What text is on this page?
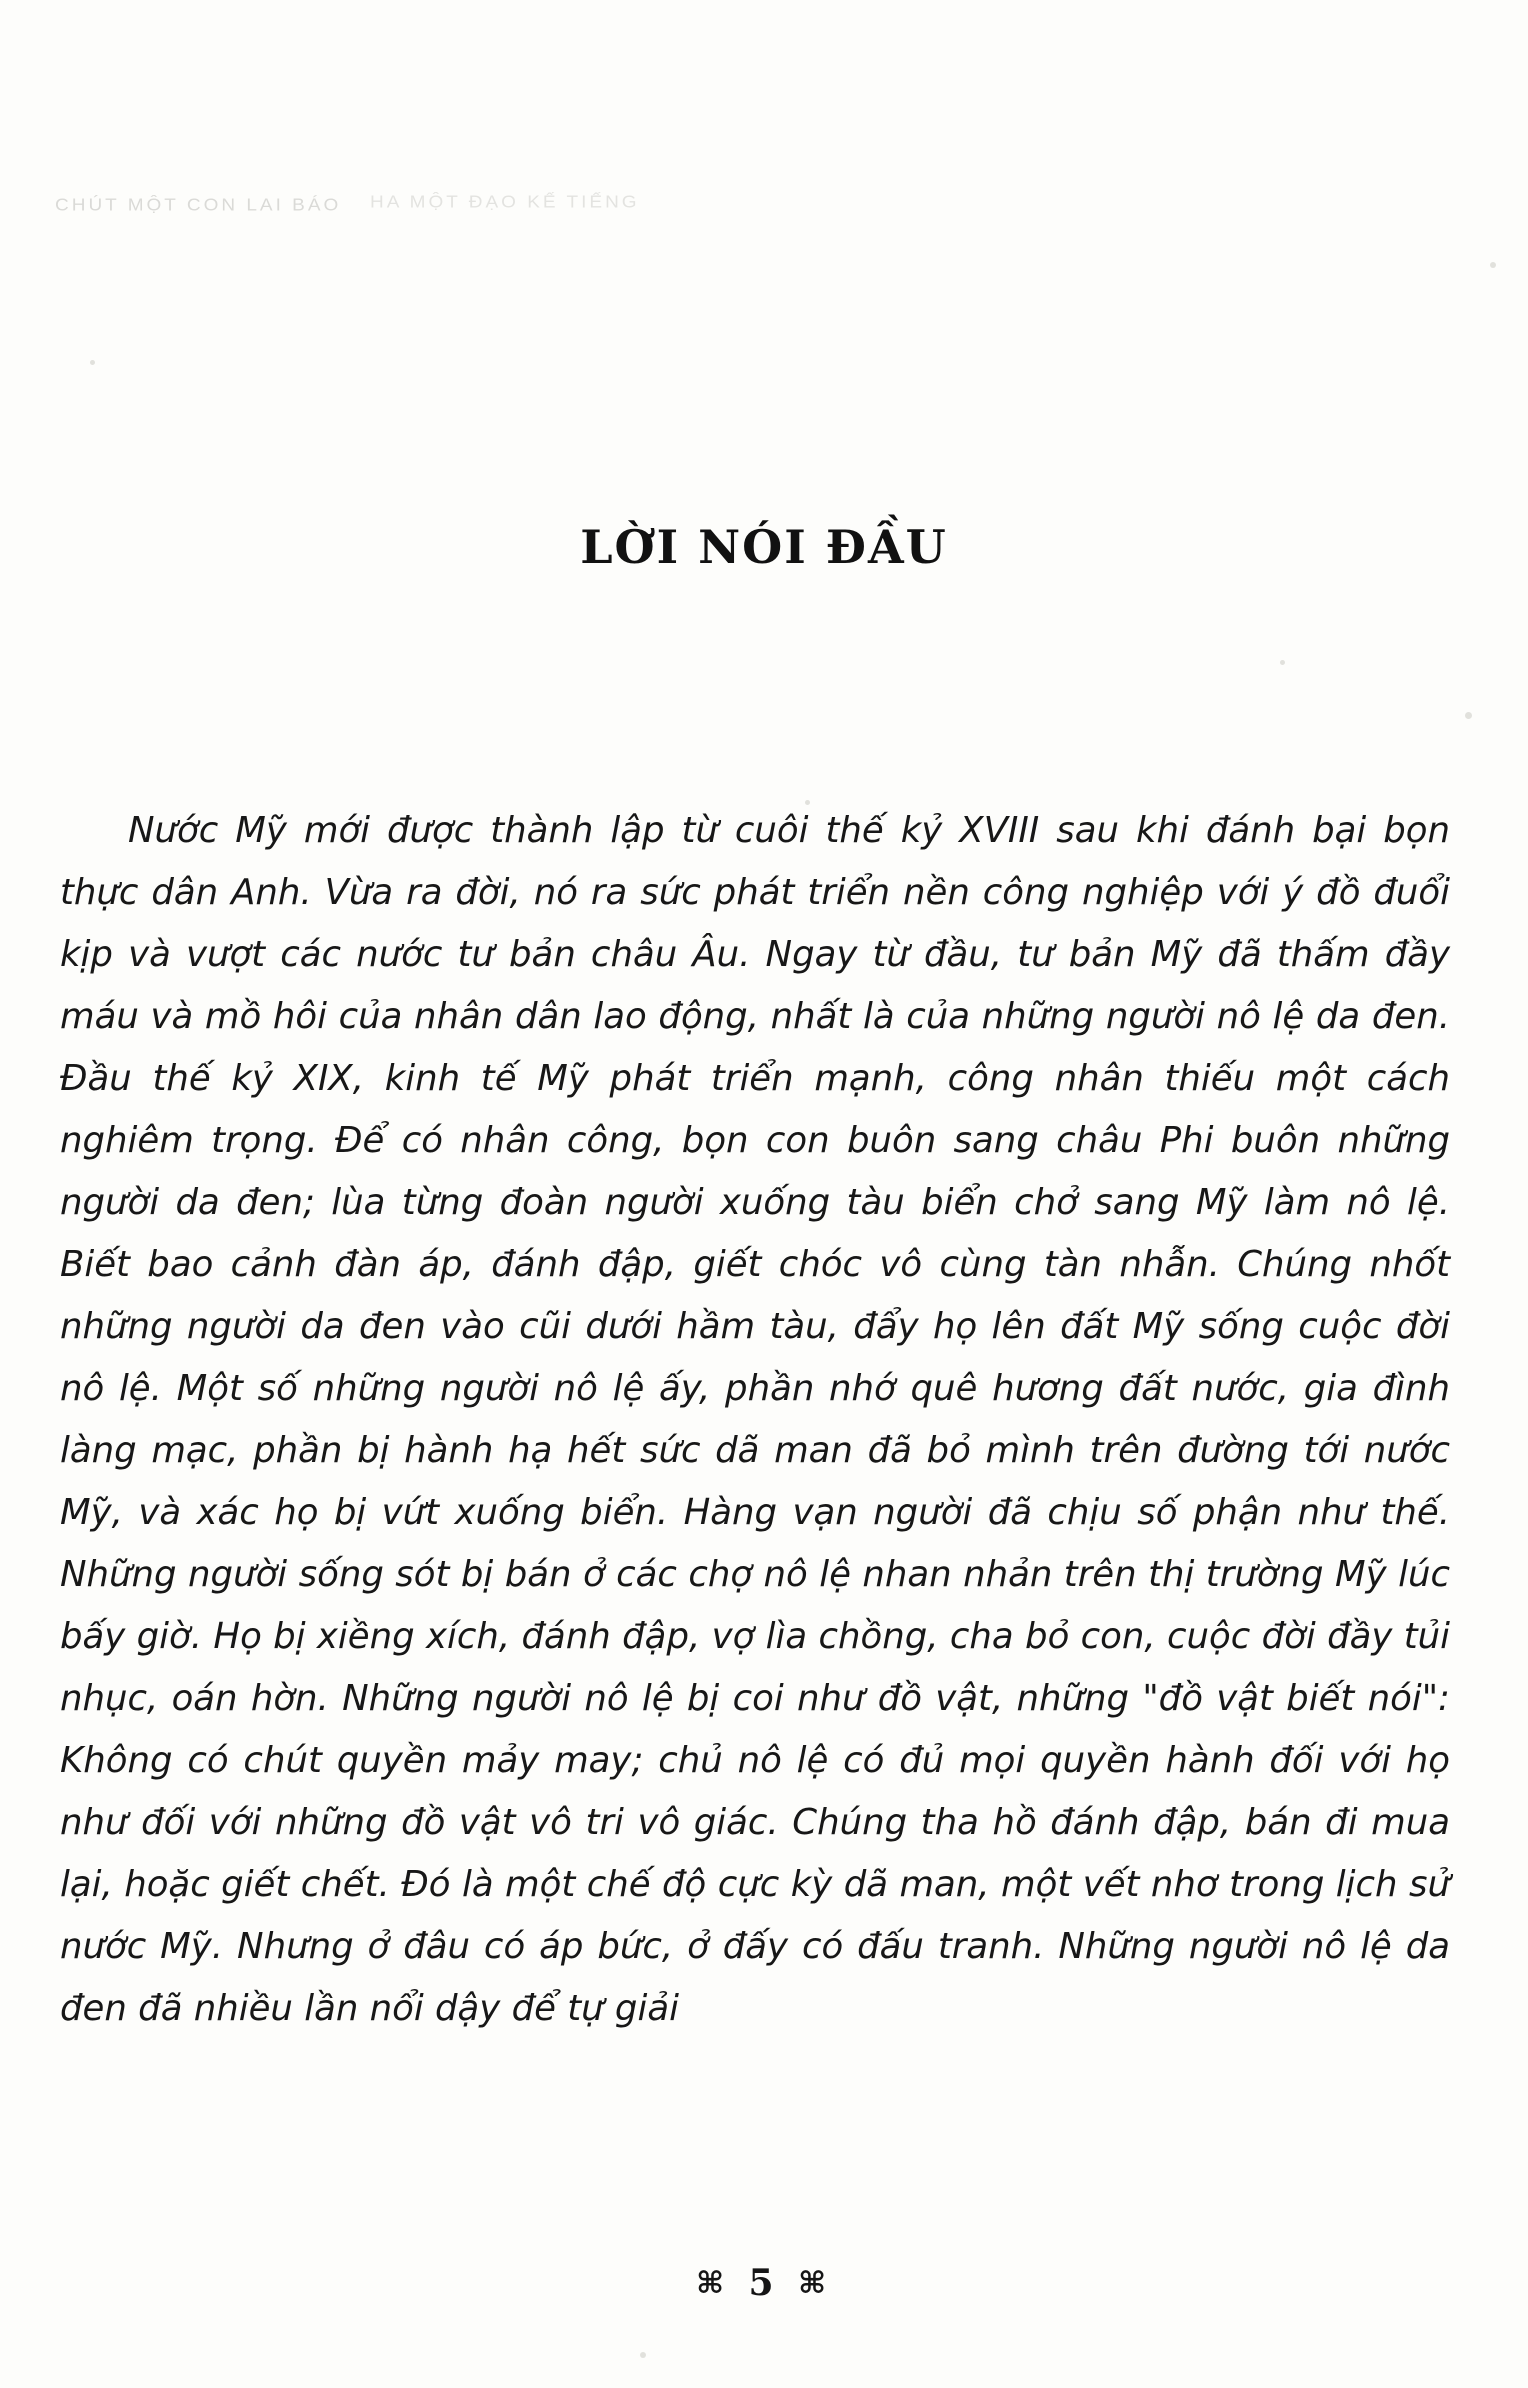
CHÚT MỘT CON LAI BÁO HA MỘT ĐẠO KẾ TIẾNG
LỜI NÓI ĐẦU

Nước Mỹ mới được thành lập từ cuôi thế kỷ XVIII sau khi đánh bại bọn thực dân Anh. Vừa ra đời, nó ra sức phát triển nền công nghiệp với ý đồ đuổi kịp và vượt các nước tư bản châu Âu. Ngay từ đầu, tư bản Mỹ đã thấm đầy máu và mồ hôi của nhân dân lao động, nhất là của những người nô lệ da đen. Đầu thế kỷ XIX, kinh tế Mỹ phát triển mạnh, công nhân thiếu một cách nghiêm trọng. Để có nhân công, bọn con buôn sang châu Phi buôn những người da đen; lùa từng đoàn người xuống tàu biển chở sang Mỹ làm nô lệ. Biết bao cảnh đàn áp, đánh đập, giết chóc vô cùng tàn nhẫn. Chúng nhốt những người da đen vào cũi dưới hầm tàu, đẩy họ lên đất Mỹ sống cuộc đời nô lệ. Một số những người nô lệ ấy, phần nhớ quê hương đất nước, gia đình làng mạc, phần bị hành hạ hết sức dã man đã bỏ mình trên đường tới nước Mỹ, và xác họ bị vứt xuống biển. Hàng vạn người đã chịu số phận như thế. Những người sống sót bị bán ở các chợ nô lệ nhan nhản trên thị trường Mỹ lúc bấy giờ. Họ bị xiềng xích, đánh đập, vợ lìa chồng, cha bỏ con, cuộc đời đầy tủi nhục, oán hờn. Những người nô lệ bị coi như đồ vật, những "đồ vật biết nói": Không có chút quyền mảy may; chủ nô lệ có đủ mọi quyền hành đối với họ như đối với những đồ vật vô tri vô giác. Chúng tha hồ đánh đập, bán đi mua lại, hoặc giết chết. Đó là một chế độ cực kỳ dã man, một vết nhơ trong lịch sử nước Mỹ. Nhưng ở đâu có áp bức, ở đấy có đấu tranh. Những người nô lệ da đen đã nhiều lần nổi dậy để tự giải

⌘ 5 ⌘
